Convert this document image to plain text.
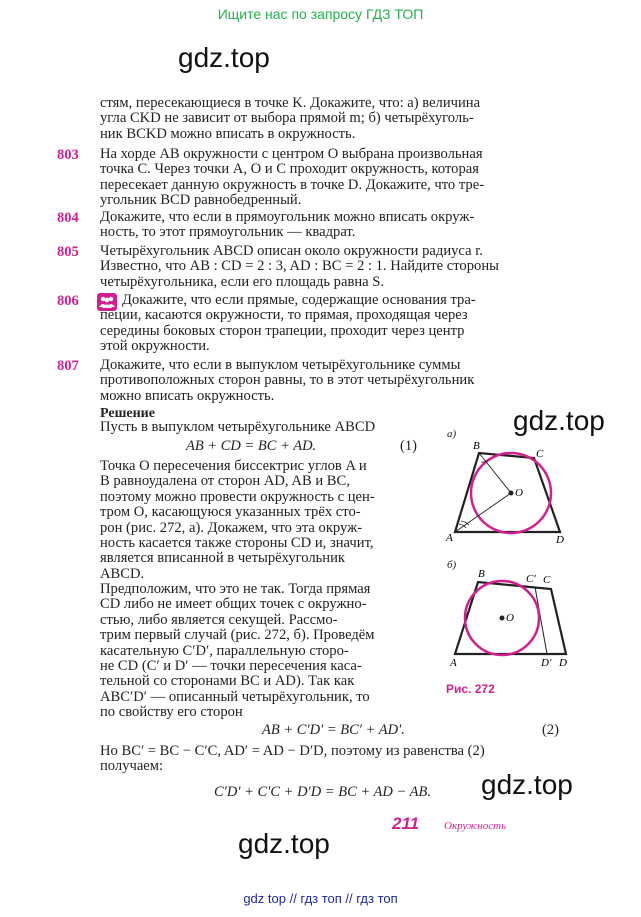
Ищите нас по запросу ГДЗ ТОП
gdz.top
gdz.top
gdz.top
gdz.top
стям, пересекающиеся в точке K. Докажите, что: а) величина
угла CKD не зависит от выбора прямой m; б) четырёхуголь-
ник BCKD можно вписать в окружность.
803 На хорде AB окружности с центром O выбрана произвольная
точка C. Через точки A, O и C проходит окружность, которая
пересекает данную окружность в точке D. Докажите, что тре-
угольник BCD равнобедренный.
804 Докажите, что если в прямоугольник можно вписать окруж-
ность, то этот прямоугольник — квадрат.
805 Четырёхугольник ABCD описан около окружности радиуса r.
Известно, что AB : CD = 2 : 3, AD : BC = 2 : 1. Найдите стороны
четырёхугольника, если его площадь равна S.
806	Докажите, что если прямые, содержащие основания тра-
пеции, касаются окружности, то прямая, проходящая через
середины боковых сторон трапеции, проходит через центр
этой окружности.
807 Докажите, что если в выпуклом четырёхугольнике суммы
противоположных сторон равны, то в этот четырёхугольник
можно вписать окружность.
Решение
Пусть в выпуклом четырёхугольнике ABCD
AB + CD = BC + AD.	(1)
Точка O пересечения биссектрис углов A и
B равноудалена от сторон AD, AB и BC,
поэтому можно провести окружность с цен-
тром O, касающуюся указанных трёх сто-
рон (рис. 272, а). Докажем, что эта окруж-
ность касается также стороны CD и, значит,
является вписанной в четырёхугольник
ABCD.
Предположим, что это не так. Тогда прямая
CD либо не имеет общих точек с окружно-
стью, либо является секущей. Рассмо-
трим первый случай (рис. 272, б). Проведём
касательную C′D′, параллельную сторо-
не CD (C′ и D′ — точки пересечения каса-
тельной со сторонами BC и AD). Так как
ABC′D′ — описанный четырёхугольник, то
по свойству его сторон
AB + C′D′ = BC′ + AD′.	(2)
Но BC′ = BC − C′C, AD′ = AD − D′D, поэтому из равенства (2)
получаем:
C′D′ + C′C + D′D = BC + AD − AB.
а)
B
C
A	D
O
б)
B	C′ C
A	D′ D
O
Рис. 272
211 Окружность
gdz top // гдз топ // гдз топ
